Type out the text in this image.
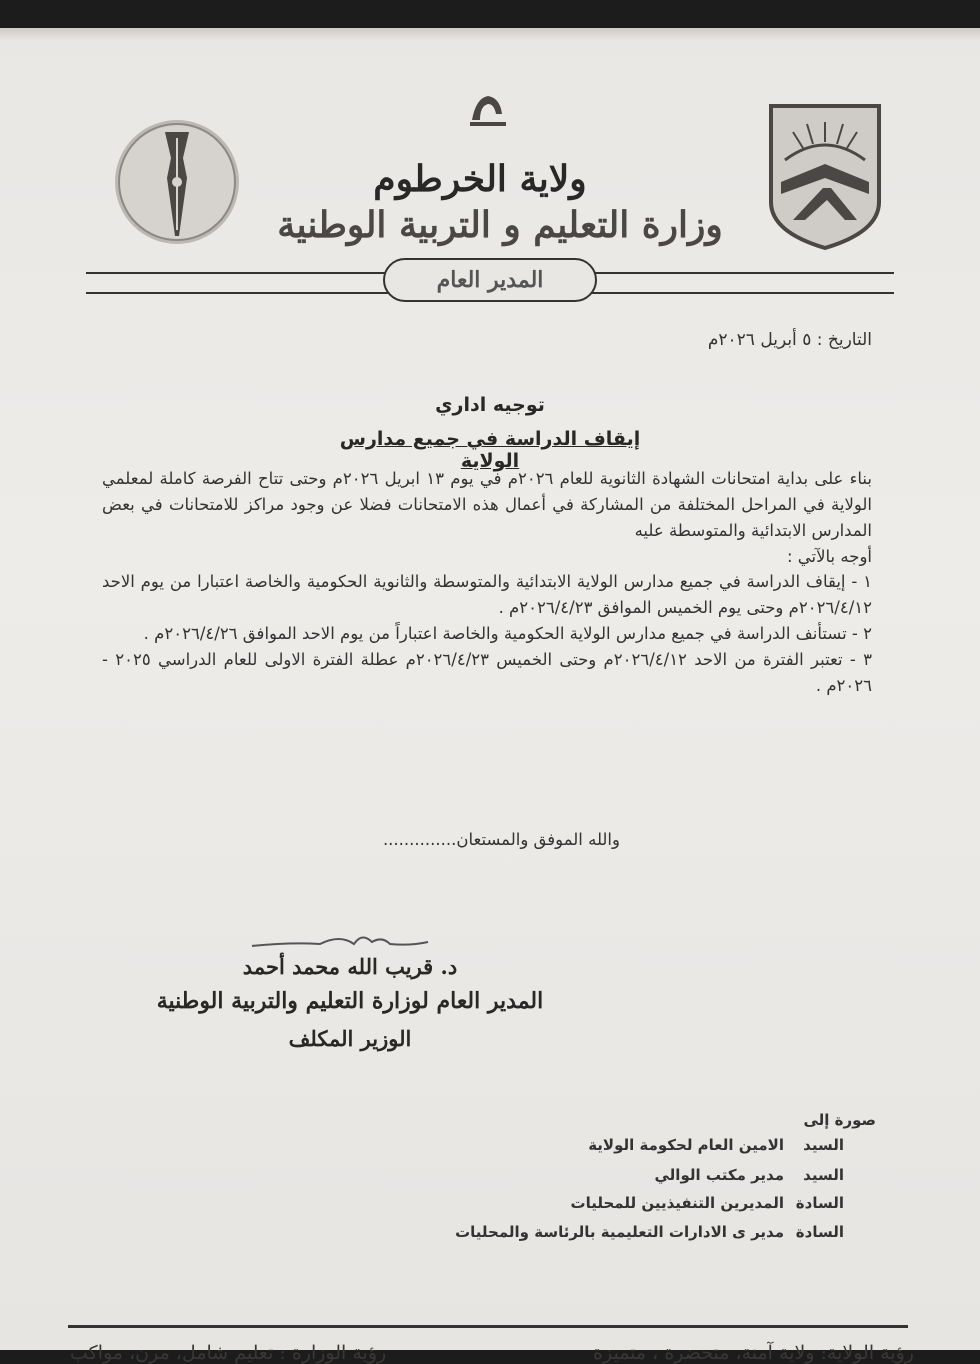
ولاية الخرطوم
وزارة التعليم و التربية الوطنية
المدير العام
التاريخ : ٥ أبريل ٢٠٢٦م
توجيه اداري
إيقاف الدراسة في جميع مدارس الولاية
بناء على بداية امتحانات الشهادة الثانوية للعام ٢٠٢٦م في يوم ١٣ ابريل ٢٠٢٦م وحتى تتاح الفرصة كاملة لمعلمي الولاية في المراحل المختلفة من المشاركة في أعمال هذه الامتحانات فضلا عن وجود مراكز للامتحانات في بعض المدارس الابتدائية والمتوسطة عليه
أوجه بالآتي :
١ - إيقاف الدراسة في جميع مدارس الولاية الابتدائية والمتوسطة والثانوية الحكومية والخاصة اعتبارا من يوم الاحد ٢٠٢٦/٤/١٢م وحتى يوم الخميس الموافق ٢٠٢٦/٤/٢٣م .
٢ - تستأنف الدراسة في جميع مدارس الولاية الحكومية والخاصة اعتباراً من يوم الاحد الموافق ٢٠٢٦/٤/٢٦م .
٣ - تعتبر الفترة من الاحد ٢٠٢٦/٤/١٢م وحتى الخميس ٢٠٢٦/٤/٢٣م عطلة الفترة الاولى للعام الدراسي ٢٠٢٥ - ٢٠٢٦م .
والله الموفق والمستعان..............
د. قريب الله محمد أحمد
المدير العام لوزارة التعليم والتربية الوطنية
الوزير المكلف
صورة إلى
السيدالامين العام لحكومة الولاية
السيدمدير مكتب الوالي
السادةالمديرين التنفيذيين للمحليات
السادةمدير ى الادارات التعليمية بالرئاسة والمحليات
رؤية الولاية: ولاية آمنة، متحضرة ، متميزة
رؤية الوزارة : تعليم شامل، مرن، مواكب
